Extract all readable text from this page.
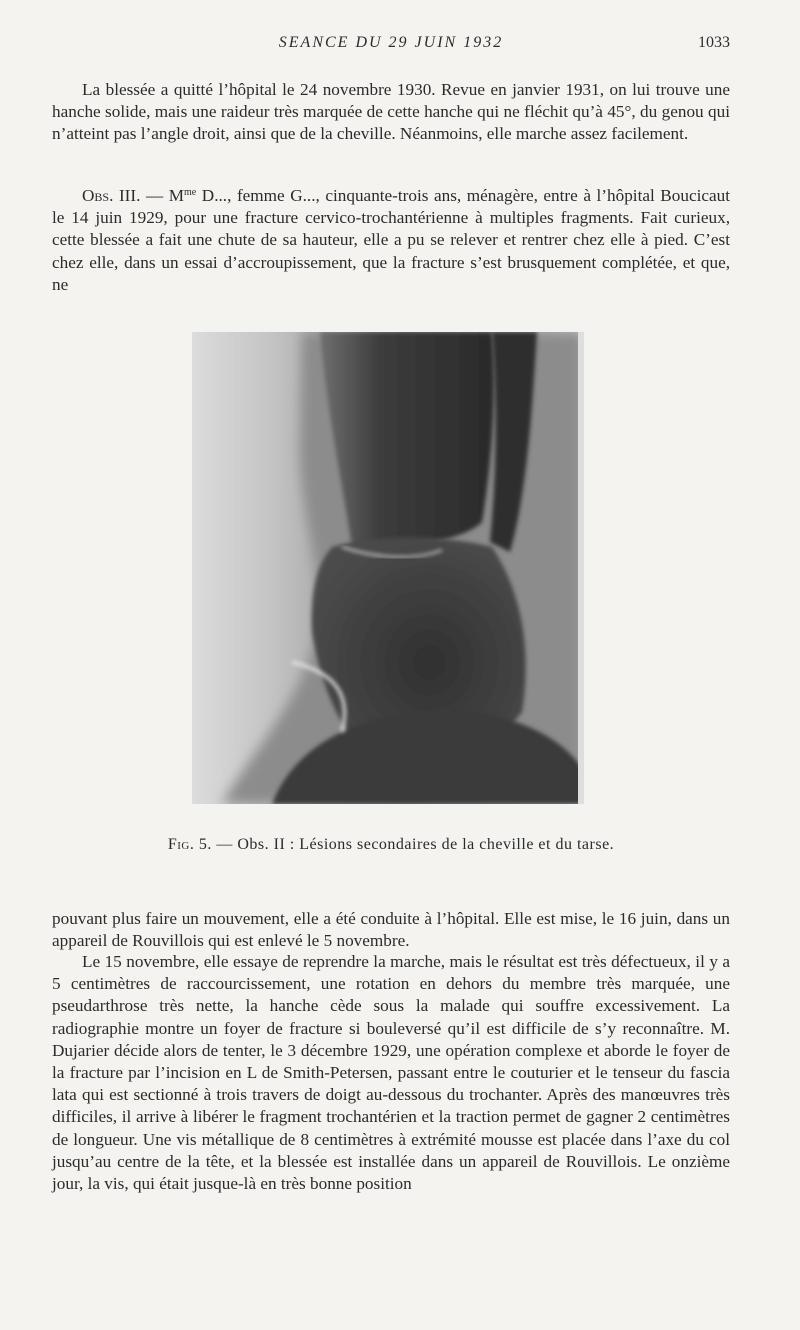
SEANCE DU 29 JUIN 1932	1033

La blessée a quitté l’hôpital le 24 novembre 1930. Revue en janvier 1931, on lui trouve une hanche solide, mais une raideur très marquée de cette hanche qui ne fléchit qu’à 45°, du genou qui n’atteint pas l’angle droit, ainsi que de la cheville. Néanmoins, elle marche assez facilement.

Obs. III. — $M^{me}$ D..., femme G..., cinquante-trois ans, ménagère, entre à l’hôpital Boucicaut le 14 juin 1929, pour une fracture cervico-trochantérienne à multiples fragments. Fait curieux, cette blessée a fait une chute de sa hauteur, elle a pu se relever et rentrer chez elle à pied. C’est chez elle, dans un essai d’accroupissement, que la fracture s’est brusquement complétée, et que, ne

Fig. 5. — Obs. II : Lésions secondaires de la cheville et du tarse.

pouvant plus faire un mouvement, elle a été conduite à l’hôpital. Elle est mise, le 16 juin, dans un appareil de Rouvillois qui est enlevé le 5 novembre.

Le 15 novembre, elle essaye de reprendre la marche, mais le résultat est très défectueux, il y a 5 centimètres de raccourcissement, une rotation en dehors du membre très marquée, une pseudarthrose très nette, la hanche cède sous la malade qui souffre excessivement. La radiographie montre un foyer de fracture si bouleversé qu’il est difficile de s’y reconnaître. M. Dujarier décide alors de tenter, le 3 décembre 1929, une opération complexe et aborde le foyer de la fracture par l’incision en L de Smith-Petersen, passant entre le couturier et le tenseur du fascia lata qui est sectionné à trois travers de doigt au-dessous du trochanter. Après des manœuvres très difficiles, il arrive à libérer le fragment trochantérien et la traction permet de gagner 2 centimètres de longueur. Une vis métallique de 8 centimètres à extrémité mousse est placée dans l’axe du col jusqu’au centre de la tête, et la blessée est installée dans un appareil de Rouvillois. Le onzième jour, la vis, qui était jusque-là en très bonne position
